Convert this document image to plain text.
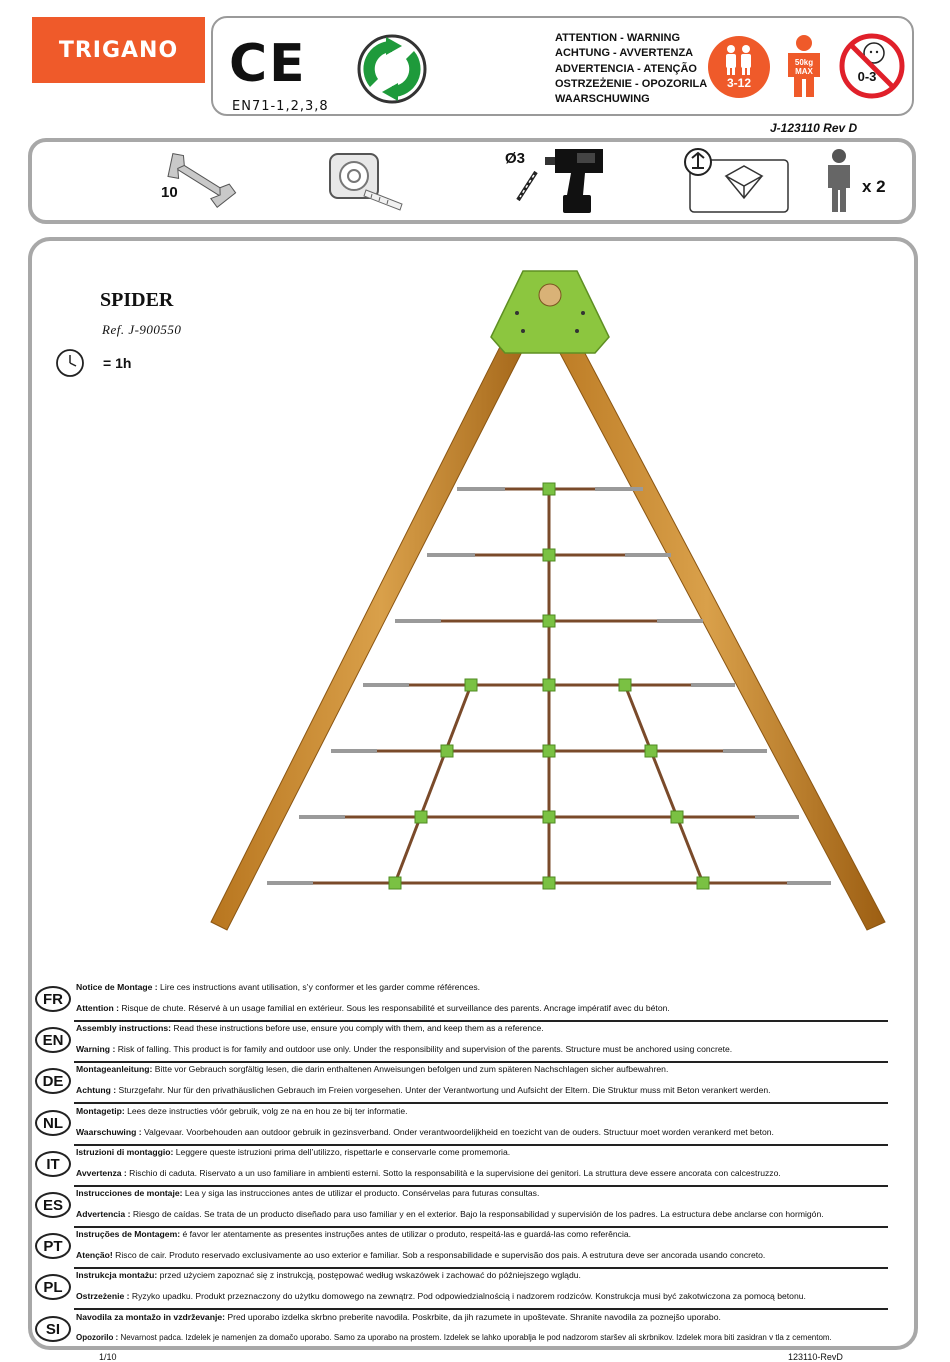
TRIGANO CE
EN71-1,2,3,8
ATTENTION - WARNING
ACHTUNG - AVVERTENZA
ADVERTENCIA - ATENÇÃO
OSTRZEŻENIE - OPOZORILA
WAARSCHUWING
3-12
50kg
MAX	0-3
J-123110 Rev D
10
Ø3
x 2
SPIDER
Ref. J-900550
= 1h
FR
Notice de Montage : Lire ces instructions avant utilisation, s’y conformer et les garder comme références.
Attention : Risque de chute. Réservé à un usage familial en extérieur. Sous les responsabilité et surveillance des parents. Ancrage impératif avec du béton.
EN
Assembly instructions: Read these instructions before use, ensure you comply with them, and keep them as a reference.
Warning : Risk of falling. This product is for family and outdoor use only. Under the responsibility and supervision of the parents. Structure must be anchored using concrete.
DE
Montageanleitung: Bitte vor Gebrauch sorgfältig lesen, die darin enthaltenen Anweisungen befolgen und zum späteren Nachschlagen sicher aufbewahren.
Achtung : Sturzgefahr. Nur für den privathäuslichen Gebrauch im Freien vorgesehen. Unter der Verantwortung und Aufsicht der Eltern. Die Struktur muss mit Beton verankert werden.
NL
Montagetip: Lees deze instructies vóór gebruik, volg ze na en hou ze bij ter informatie.
Waarschuwing : Valgevaar. Voorbehouden aan outdoor gebruik in gezinsverband. Onder verantwoordelijkheid en toezicht van de ouders. Structuur moet worden verankerd met beton.
IT
Istruzioni di montaggio: Leggere queste istruzioni prima dell’utilizzo, rispettarle e conservarle come promemoria.
Avvertenza : Rischio di caduta. Riservato a un uso familiare in ambienti esterni. Sotto la responsabilità e la supervisione dei genitori. La struttura deve essere ancorata con calcestruzzo.
ES
Instrucciones de montaje: Lea y siga las instrucciones antes de utilizar el producto. Consérvelas para futuras consultas.
Advertencia : Riesgo de caídas. Se trata de un producto diseñado para uso familiar y en el exterior. Bajo la responsabilidad y supervisión de los padres. La estructura debe anclarse con hormigón.
PT
Instruções de Montagem: é favor ler atentamente as presentes instruções antes de utilizar o produto, respeitá-las e guardá-las como referência.
Atenção! Risco de cair. Produto reservado exclusivamente ao uso exterior e familiar. Sob a responsabilidade e supervisão dos pais. A estrutura deve ser ancorada usando concreto.
PL
Instrukcja montażu: przed użyciem zapoznać się z instrukcją, postępować według wskazówek i zachować do późniejszego wglądu.
Ostrzeżenie : Ryzyko upadku. Produkt przeznaczony do użytku domowego na zewnątrz. Pod odpowiedzialnością i nadzorem rodziców. Konstrukcja musi być zakotwiczona za pomocą betonu.
SI
Navodila za montažo in vzdrževanje: Pred uporabo izdelka skrbno preberite navodila. Poskrbite, da jih razumete in upoštevate. Shranite navodila za poznejšo uporabo.
Opozorilo : Nevarnost padca. Izdelek je namenjen za domačo uporabo. Samo za uporabo na prostem. Izdelek se lahko uporablja le pod nadzorom staršev ali skrbnikov. Izdelek mora biti zasidran v tla z cementom.
1/10	123110-RevD
